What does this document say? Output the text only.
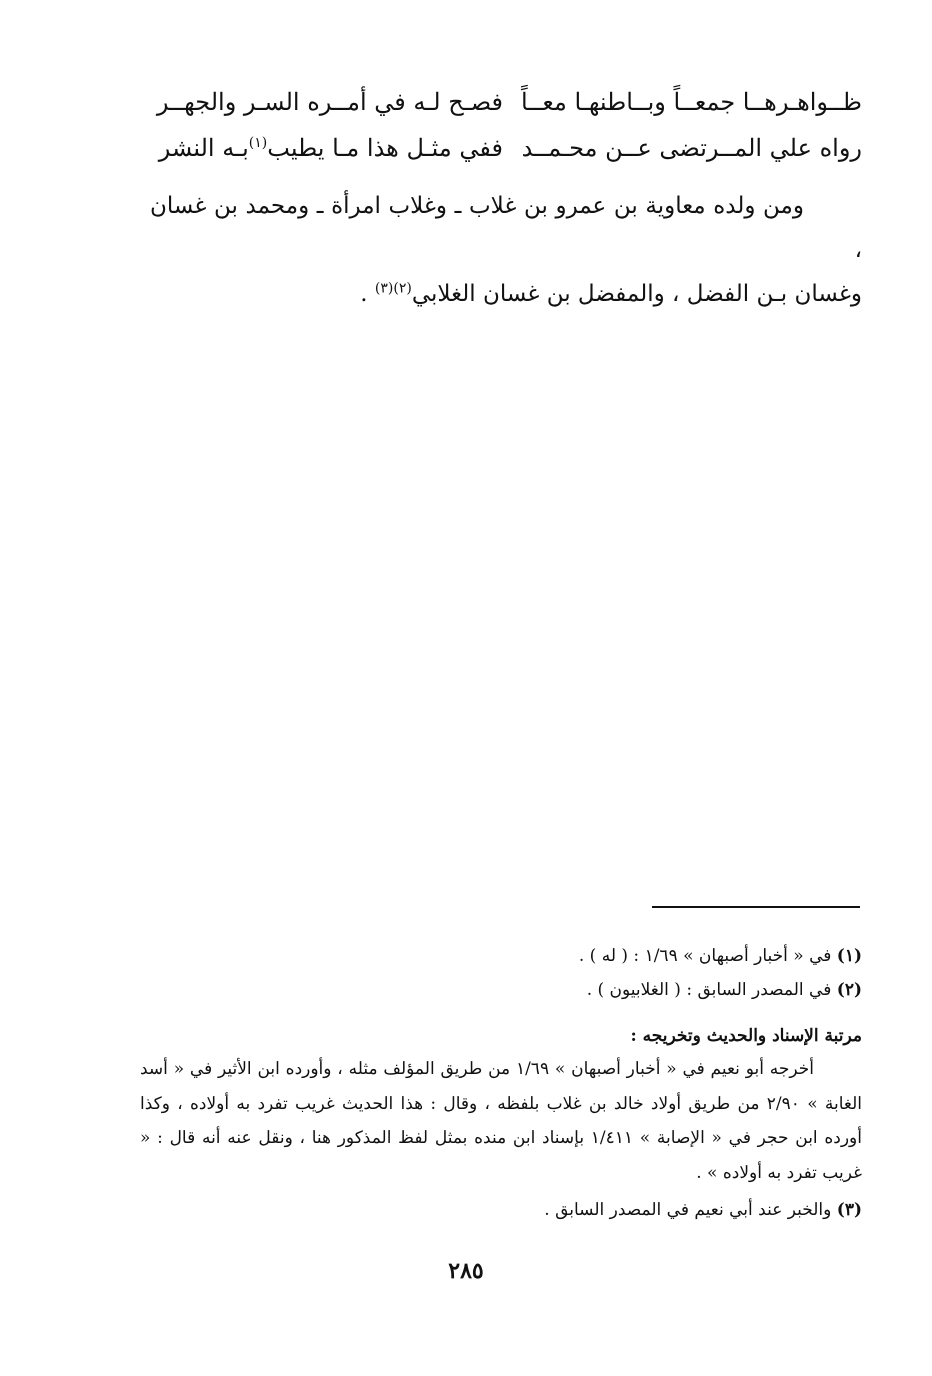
ظــواهـرهــا جمعــاً وبــاطنهـا معــاً
فصـح لـه في أمــره السـر والجهــر
رواه علي المــرتضى عــن محـمــد
ففي مثـل هذا مـا يطيب$^{(١)}$بـه النشر

ومن ولده معاوية بن عمرو بن غلاب ـ وغلاب امرأة ـ ومحمد بن غسان ،

وغسان بـن الفضل ، والمفضل بن غسان الغلابي$^{(٢)(٣)}$ .

(١) في « أخبار أصبهان » ١/٦٩ : ( له ) .
(٢) في المصدر السابق : ( الغلابيون ) .
مرتبة الإسناد والحديث وتخريجه :

أخرجه أبو نعيم في « أخبار أصبهان » ١/٦٩ من طريق المؤلف مثله ، وأورده ابن الأثير في « أسد الغابة » ٢/٩٠ من طريق أولاد خالد بن غلاب بلفظه ، وقال : هذا الحديث غريب تفرد به أولاده ، وكذا أورده ابن حجر في « الإصابة » ١/٤١١ بإسناد ابن منده بمثل لفظ المذكور هنا ، ونقل عنه أنه قال : « غريب تفرد به أولاده » .

(٣) والخبر عند أبي نعيم في المصدر السابق .
٢٨٥
